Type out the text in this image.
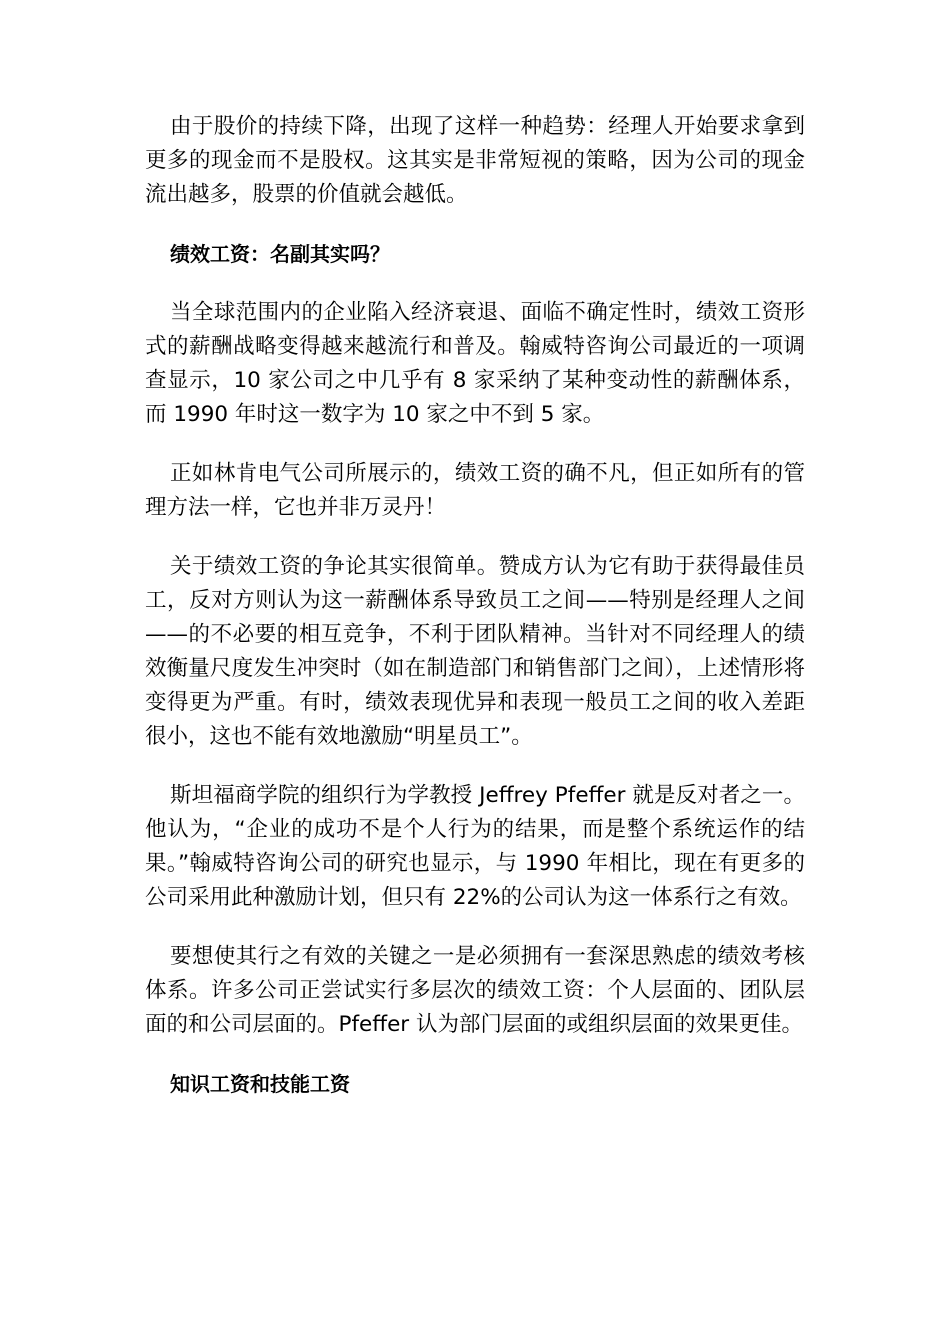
由于股价的持续下降，出现了这样一种趋势：经理人开始要求拿到更多的现金而不是股权。这其实是非常短视的策略，因为公司的现金流出越多，股票的价值就会越低。

绩效工资：名副其实吗？

当全球范围内的企业陷入经济衰退、面临不确定性时，绩效工资形式的薪酬战略变得越来越流行和普及。翰威特咨询公司最近的一项调查显示，10 家公司之中几乎有 8 家采纳了某种变动性的薪酬体系，而 1990 年时这一数字为 10 家之中不到 5 家。

正如林肯电气公司所展示的，绩效工资的确不凡，但正如所有的管理方法一样，它也并非万灵丹！

关于绩效工资的争论其实很简单。赞成方认为它有助于获得最佳员工，反对方则认为这一薪酬体系导致员工之间——特别是经理人之间——的不必要的相互竞争，不利于团队精神。当针对不同经理人的绩效衡量尺度发生冲突时（如在制造部门和销售部门之间），上述情形将变得更为严重。有时，绩效表现优异和表现一般员工之间的收入差距很小，这也不能有效地激励“明星员工”。

斯坦福商学院的组织行为学教授 Jeffrey Pfeffer 就是反对者之一。他认为，“企业的成功不是个人行为的结果，而是整个系统运作的结果。”翰威特咨询公司的研究也显示，与 1990 年相比，现在有更多的公司采用此种激励计划，但只有 22%的公司认为这一体系行之有效。

要想使其行之有效的关键之一是必须拥有一套深思熟虑的绩效考核体系。许多公司正尝试实行多层次的绩效工资：个人层面的、团队层面的和公司层面的。Pfeffer 认为部门层面的或组织层面的效果更佳。

知识工资和技能工资
